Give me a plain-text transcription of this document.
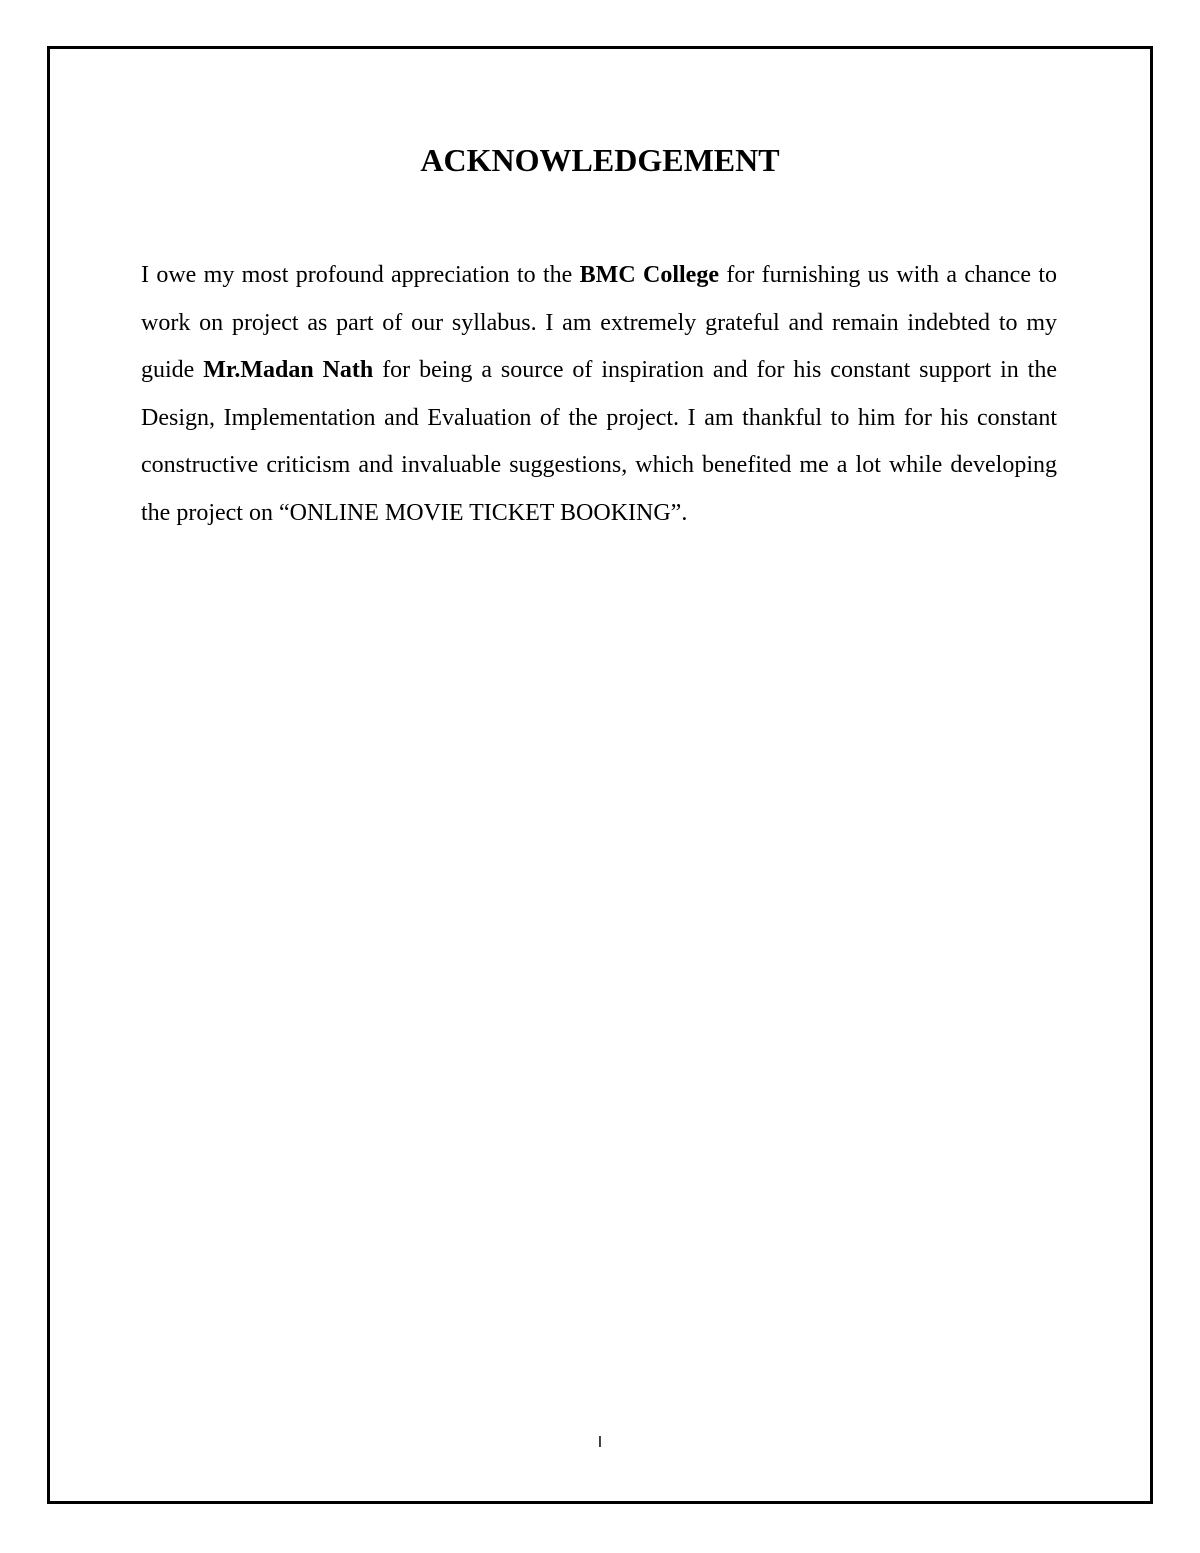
ACKNOWLEDGEMENT

I owe my most profound appreciation to the BMC College for furnishing us with a chance to work on project as part of our syllabus. I am extremely grateful and remain indebted to my guide Mr.Madan Nath for being a source of inspiration and for his constant support in the Design, Implementation and Evaluation of the project. I am thankful to him for his constant constructive criticism and invaluable suggestions, which benefited me a lot while developing the project on “ONLINE MOVIE TICKET BOOKING”.

I
